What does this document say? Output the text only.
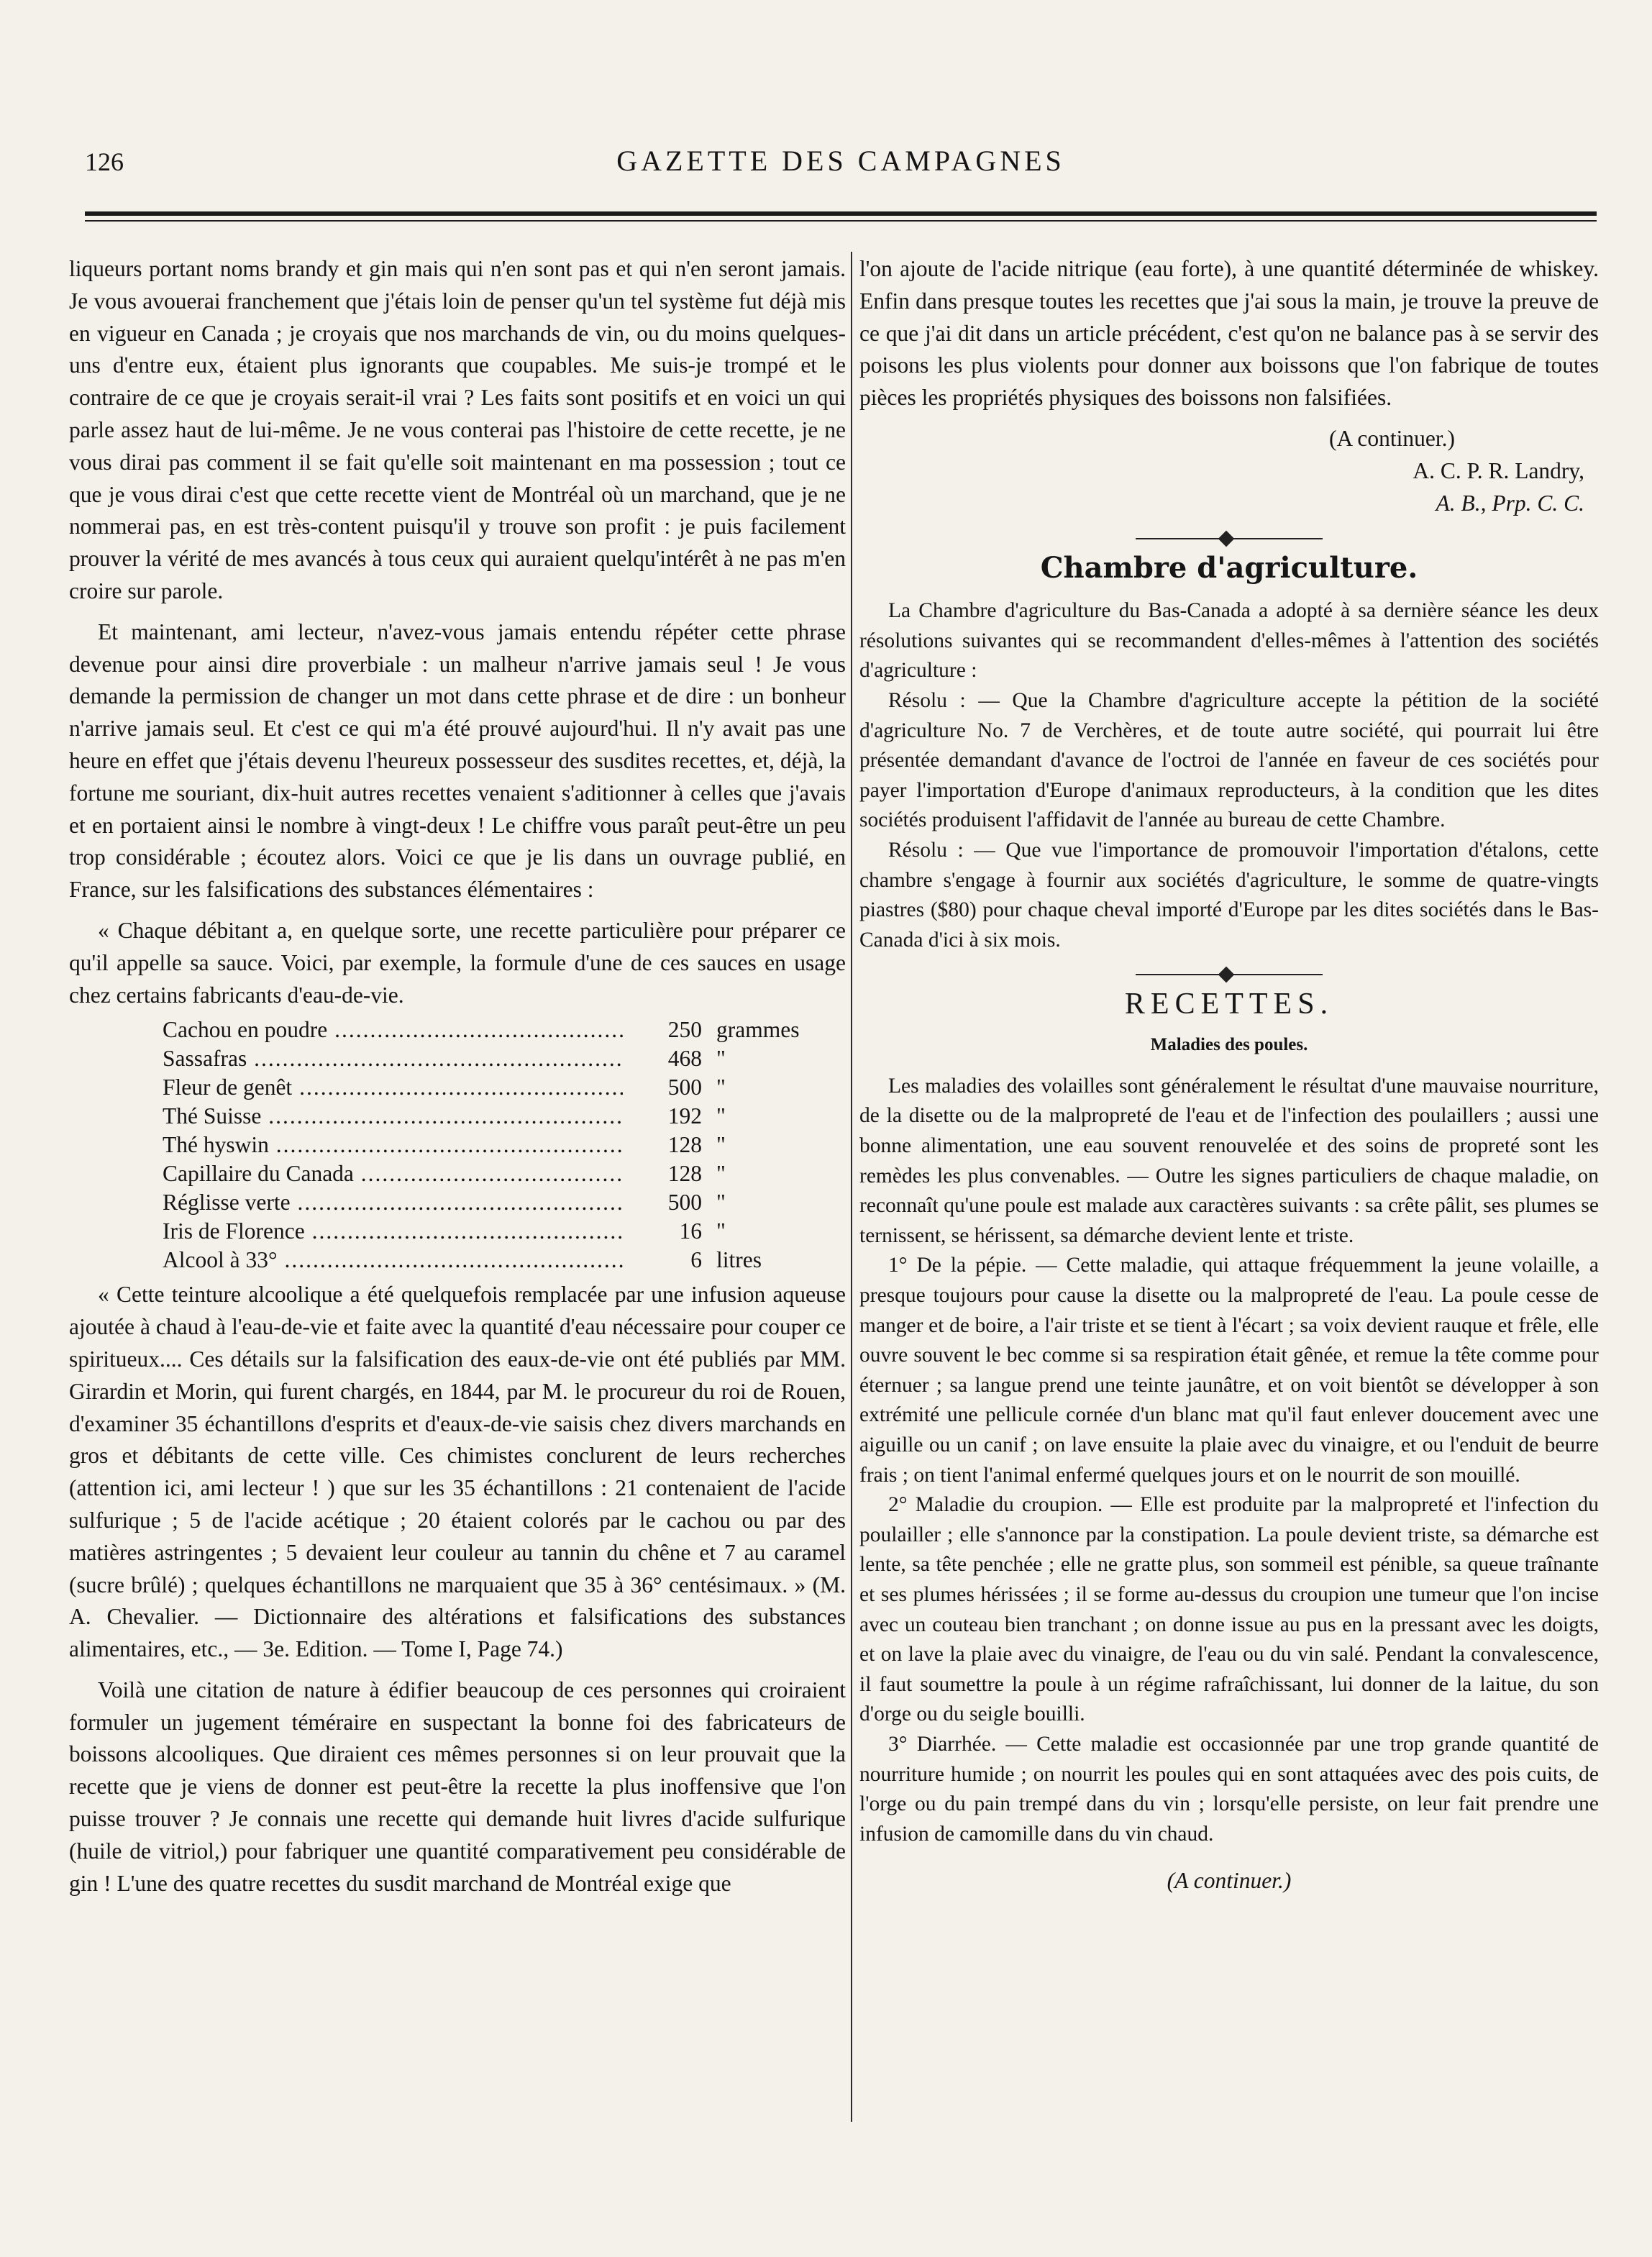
126	GAZETTE DES CAMPAGNES

liqueurs portant noms brandy et gin mais qui n'en sont pas et qui n'en seront jamais. Je vous avouerai franchement que j'étais loin de penser qu'un tel système fut déjà mis en vigueur en Canada ; je croyais que nos marchands de vin, ou du moins quelques-uns d'entre eux, étaient plus ignorants que coupables. Me suis-je trompé et le contraire de ce que je croyais serait-il vrai ? Les faits sont positifs et en voici un qui parle assez haut de lui-même. Je ne vous conterai pas l'histoire de cette recette, je ne vous dirai pas comment il se fait qu'elle soit maintenant en ma possession ; tout ce que je vous dirai c'est que cette recette vient de Montréal où un marchand, que je ne nommerai pas, en est très-content puisqu'il y trouve son profit : je puis facilement prouver la vérité de mes avancés à tous ceux qui auraient quelqu'intérêt à ne pas m'en croire sur parole.

Et maintenant, ami lecteur, n'avez-vous jamais entendu répéter cette phrase devenue pour ainsi dire proverbiale : un malheur n'arrive jamais seul ! Je vous demande la permission de changer un mot dans cette phrase et de dire : un bonheur n'arrive jamais seul. Et c'est ce qui m'a été prouvé aujourd'hui. Il n'y avait pas une heure en effet que j'étais devenu l'heureux possesseur des susdites recettes, et, déjà, la fortune me souriant, dix-huit autres recettes venaient s'aditionner à celles que j'avais et en portaient ainsi le nombre à vingt-deux ! Le chiffre vous paraît peut-être un peu trop considérable ; écoutez alors. Voici ce que je lis dans un ouvrage publié, en France, sur les falsifications des substances élémentaires :

« Chaque débitant a, en quelque sorte, une recette particulière pour préparer ce qu'il appelle sa sauce. Voici, par exemple, la formule d'une de ces sauces en usage chez certains fabricants d'eau-de-vie.

Cachou en poudre .....	250 grammes
Sassafras .....	468 "
Fleur de genêt .....	500 "
Thé Suisse .....	192 "
Thé hyswin .....	128 "
Capillaire du Canada .....	128 "
Réglisse verte .....	500 "
Iris de Florence .....	16 "
Alcool à 33° .....	6 litres

« Cette teinture alcoolique a été quelquefois remplacée par une infusion aqueuse ajoutée à chaud à l'eau-de-vie et faite avec la quantité d'eau nécessaire pour couper ce spiritueux.... Ces détails sur la falsification des eaux-de-vie ont été publiés par MM. Girardin et Morin, qui furent chargés, en 1844, par M. le procureur du roi de Rouen, d'examiner 35 échantillons d'esprits et d'eaux-de-vie saisis chez divers marchands en gros et débitants de cette ville. Ces chimistes conclurent de leurs recherches (attention ici, ami lecteur ! ) que sur les 35 échantillons : 21 contenaient de l'acide sulfurique ; 5 de l'acide acétique ; 20 étaient colorés par le cachou ou par des matières astringentes ; 5 devaient leur couleur au tannin du chêne et 7 au caramel (sucre brûlé) ; quelques échantillons ne marquaient que 35 à 36° centésimaux. » (M. A. Chevalier. — Dictionnaire des altérations et falsifications des substances alimentaires, etc., — 3e. Edition. — Tome I, Page 74.)

Voilà une citation de nature à édifier beaucoup de ces personnes qui croiraient formuler un jugement téméraire en suspectant la bonne foi des fabricateurs de boissons alcooliques. Que diraient ces mêmes personnes si on leur prouvait que la recette que je viens de donner est peut-être la recette la plus inoffensive que l'on puisse trouver ? Je connais une recette qui demande huit livres d'acide sulfurique (huile de vitriol,) pour fabriquer une quantité comparativement peu considérable de gin ! L'une des quatre recettes du susdit marchand de Montréal exige que

l'on ajoute de l'acide nitrique (eau forte), à une quantité déterminée de whiskey. Enfin dans presque toutes les recettes que j'ai sous la main, je trouve la preuve de ce que j'ai dit dans un article précédent, c'est qu'on ne balance pas à se servir des poisons les plus violents pour donner aux boissons que l'on fabrique de toutes pièces les propriétés physiques des boissons non falsifiées.

(A continuer.)
A. C. P. R. Landry,
A. B., Prp. C. C.
Chambre d'agriculture.

La Chambre d'agriculture du Bas-Canada a adopté à sa dernière séance les deux résolutions suivantes qui se recommandent d'elles-mêmes à l'attention des sociétés d'agriculture :

Résolu : — Que la Chambre d'agriculture accepte la pétition de la société d'agriculture No. 7 de Verchères, et de toute autre société, qui pourrait lui être présentée demandant d'avance de l'octroi de l'année en faveur de ces sociétés pour payer l'importation d'Europe d'animaux reproducteurs, à la condition que les dites sociétés produisent l'affidavit de l'année au bureau de cette Chambre.

Résolu : — Que vue l'importance de promouvoir l'importation d'étalons, cette chambre s'engage à fournir aux sociétés d'agriculture, le somme de quatre-vingts piastres ($80) pour chaque cheval importé d'Europe par les dites sociétés dans le Bas-Canada d'ici à six mois.

RECETTES.
Maladies des poules.

Les maladies des volailles sont généralement le résultat d'une mauvaise nourriture, de la disette ou de la malpropreté de l'eau et de l'infection des poulaillers ; aussi une bonne alimentation, une eau souvent renouvelée et des soins de propreté sont les remèdes les plus convenables. — Outre les signes particuliers de chaque maladie, on reconnaît qu'une poule est malade aux caractères suivants : sa crête pâlit, ses plumes se ternissent, se hérissent, sa démarche devient lente et triste.

1° De la pépie. — Cette maladie, qui attaque fréquemment la jeune volaille, a presque toujours pour cause la disette ou la malpropreté de l'eau. La poule cesse de manger et de boire, a l'air triste et se tient à l'écart ; sa voix devient rauque et frêle, elle ouvre souvent le bec comme si sa respiration était gênée, et remue la tête comme pour éternuer ; sa langue prend une teinte jaunâtre, et on voit bientôt se développer à son extrémité une pellicule cornée d'un blanc mat qu'il faut enlever doucement avec une aiguille ou un canif ; on lave ensuite la plaie avec du vinaigre, et ou l'enduit de beurre frais ; on tient l'animal enfermé quelques jours et on le nourrit de son mouillé.

2° Maladie du croupion. — Elle est produite par la malpropreté et l'infection du poulailler ; elle s'annonce par la constipation. La poule devient triste, sa démarche est lente, sa tête penchée ; elle ne gratte plus, son sommeil est pénible, sa queue traînante et ses plumes hérissées ; il se forme au-dessus du croupion une tumeur que l'on incise avec un couteau bien tranchant ; on donne issue au pus en la pressant avec les doigts, et on lave la plaie avec du vinaigre, de l'eau ou du vin salé. Pendant la convalescence, il faut soumettre la poule à un régime rafraîchissant, lui donner de la laitue, du son d'orge ou du seigle bouilli.

3° Diarrhée. — Cette maladie est occasionnée par une trop grande quantité de nourriture humide ; on nourrit les poules qui en sont attaquées avec des pois cuits, de l'orge ou du pain trempé dans du vin ; lorsqu'elle persiste, on leur fait prendre une infusion de camomille dans du vin chaud.

(A continuer.)
